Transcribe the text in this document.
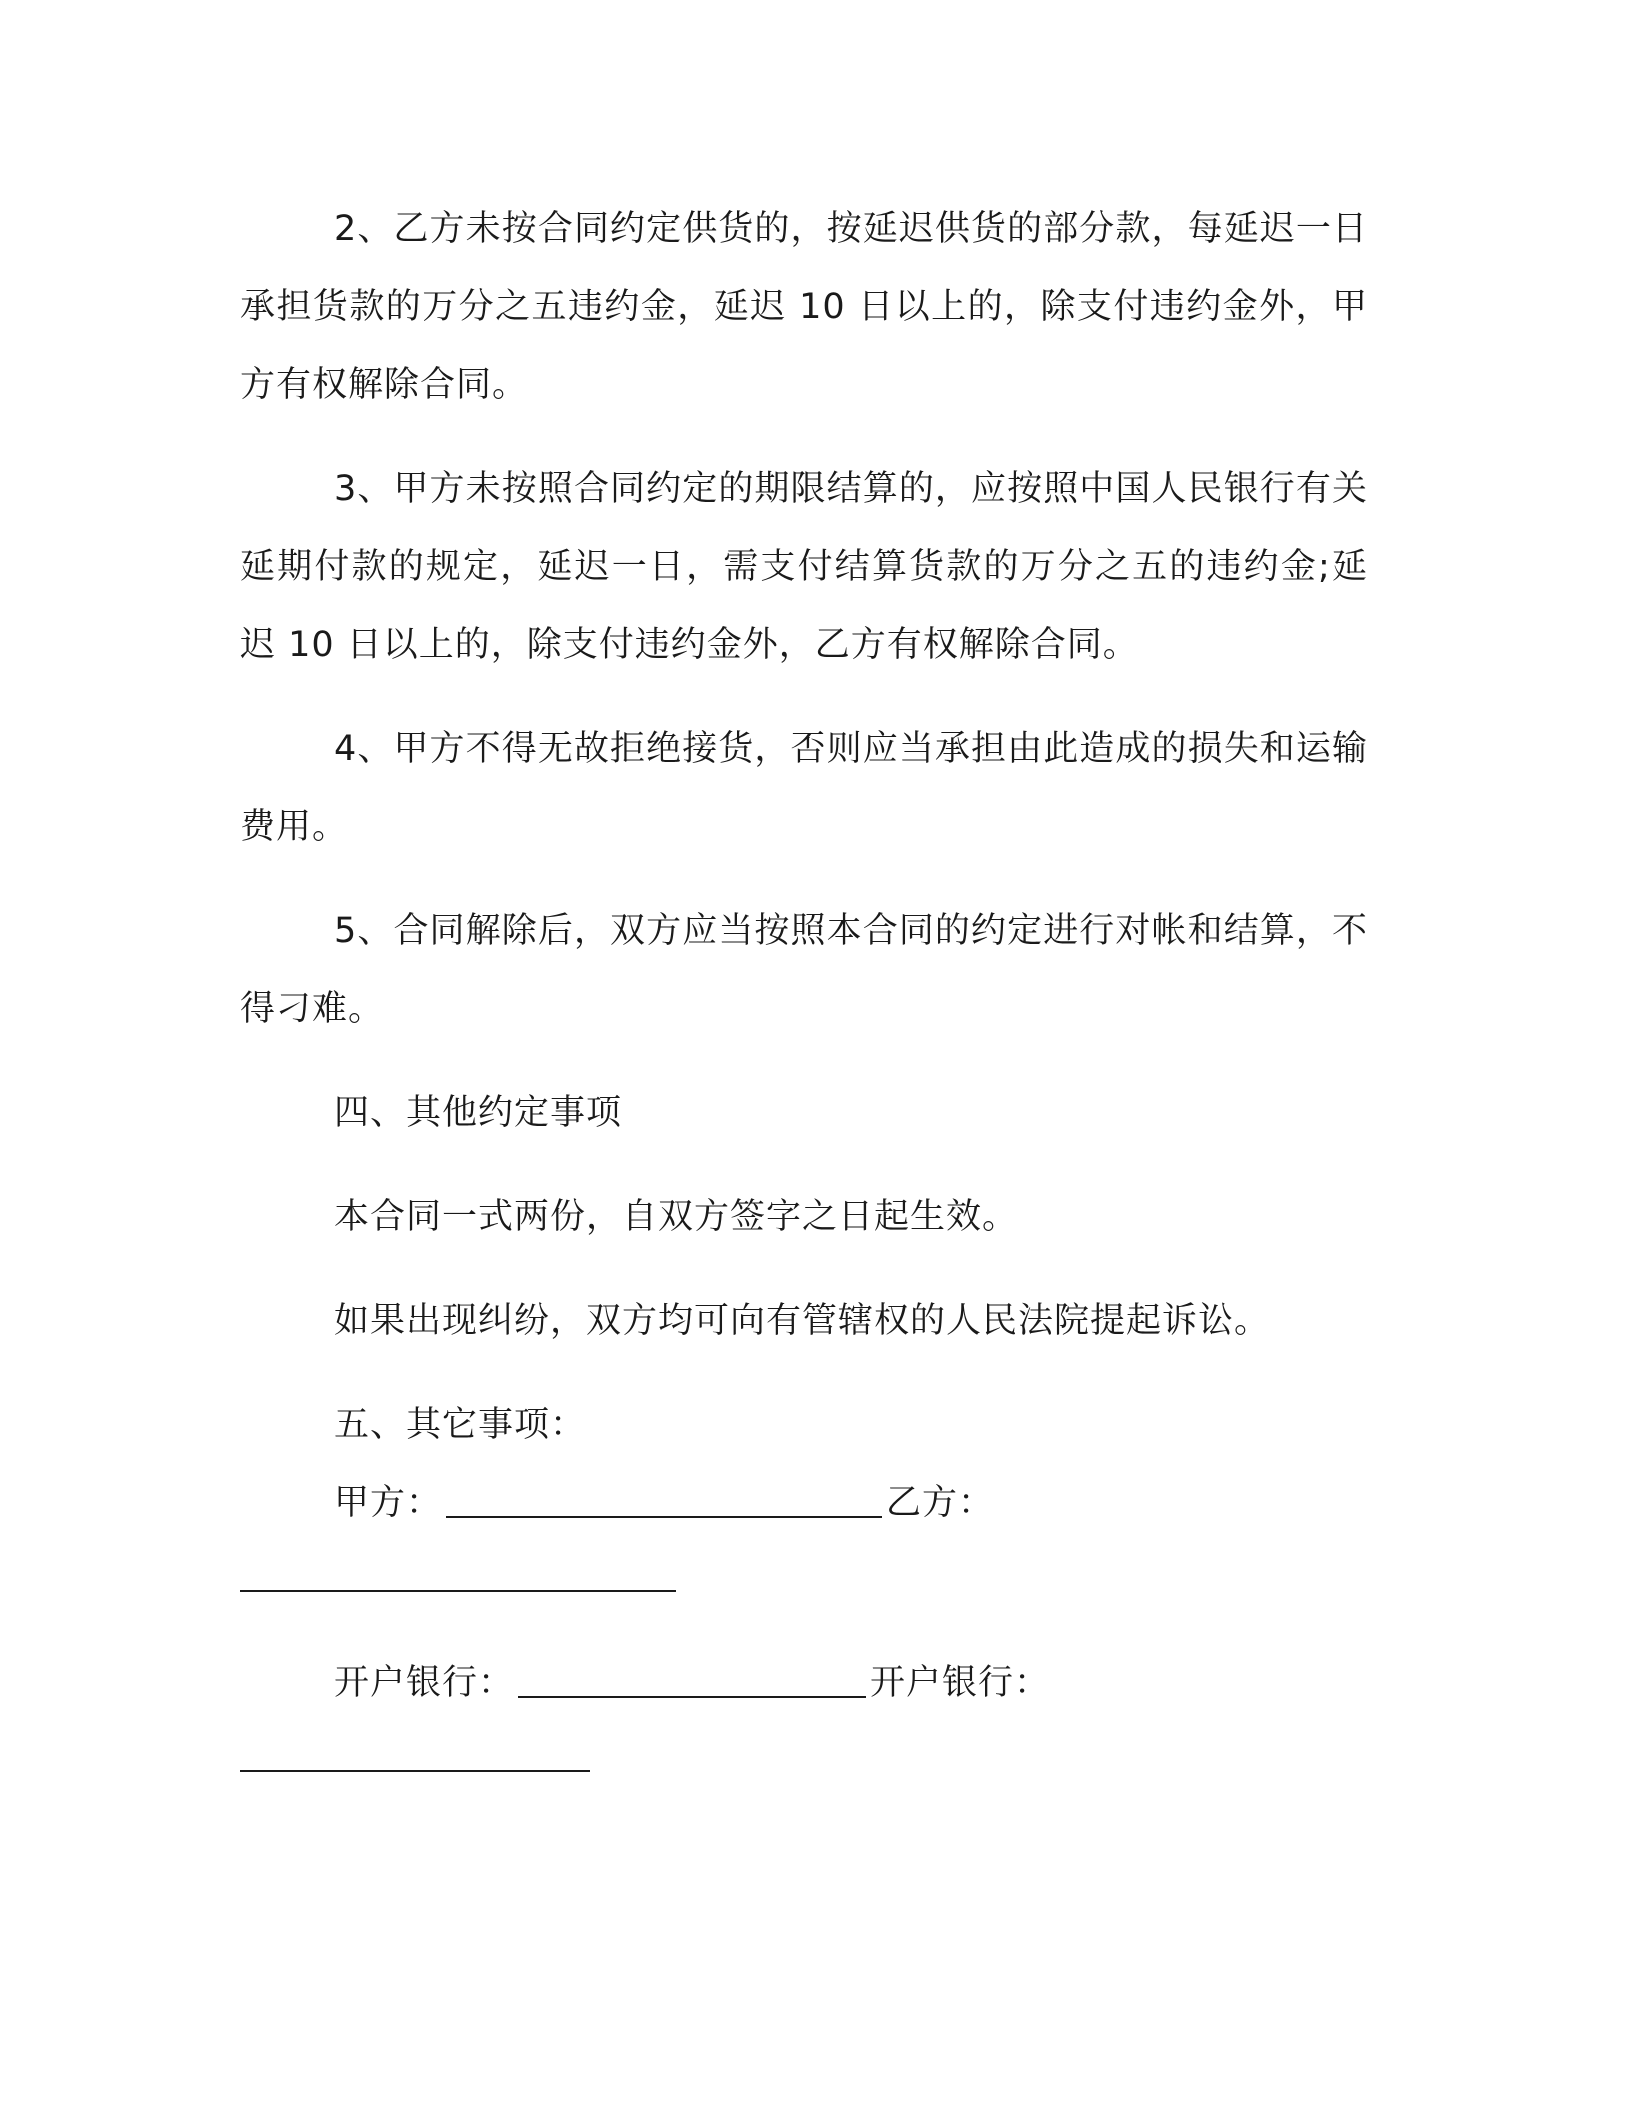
2、乙方未按合同约定供货的，按延迟供货的部分款，每延迟一日承担货款的万分之五违约金，延迟 10 日以上的，除支付违约金外，甲方有权解除合同。

3、甲方未按照合同约定的期限结算的，应按照中国人民银行有关延期付款的规定，延迟一日，需支付结算货款的万分之五的违约金;延迟 10 日以上的，除支付违约金外，乙方有权解除合同。

4、甲方不得无故拒绝接货，否则应当承担由此造成的损失和运输费用。

5、合同解除后，双方应当按照本合同的约定进行对帐和结算，不得刁难。

四、其他约定事项

本合同一式两份，自双方签字之日起生效。

如果出现纠纷，双方均可向有管辖权的人民法院提起诉讼。

五、其它事项：

甲方：	乙方：

开户银行：	开户银行：
